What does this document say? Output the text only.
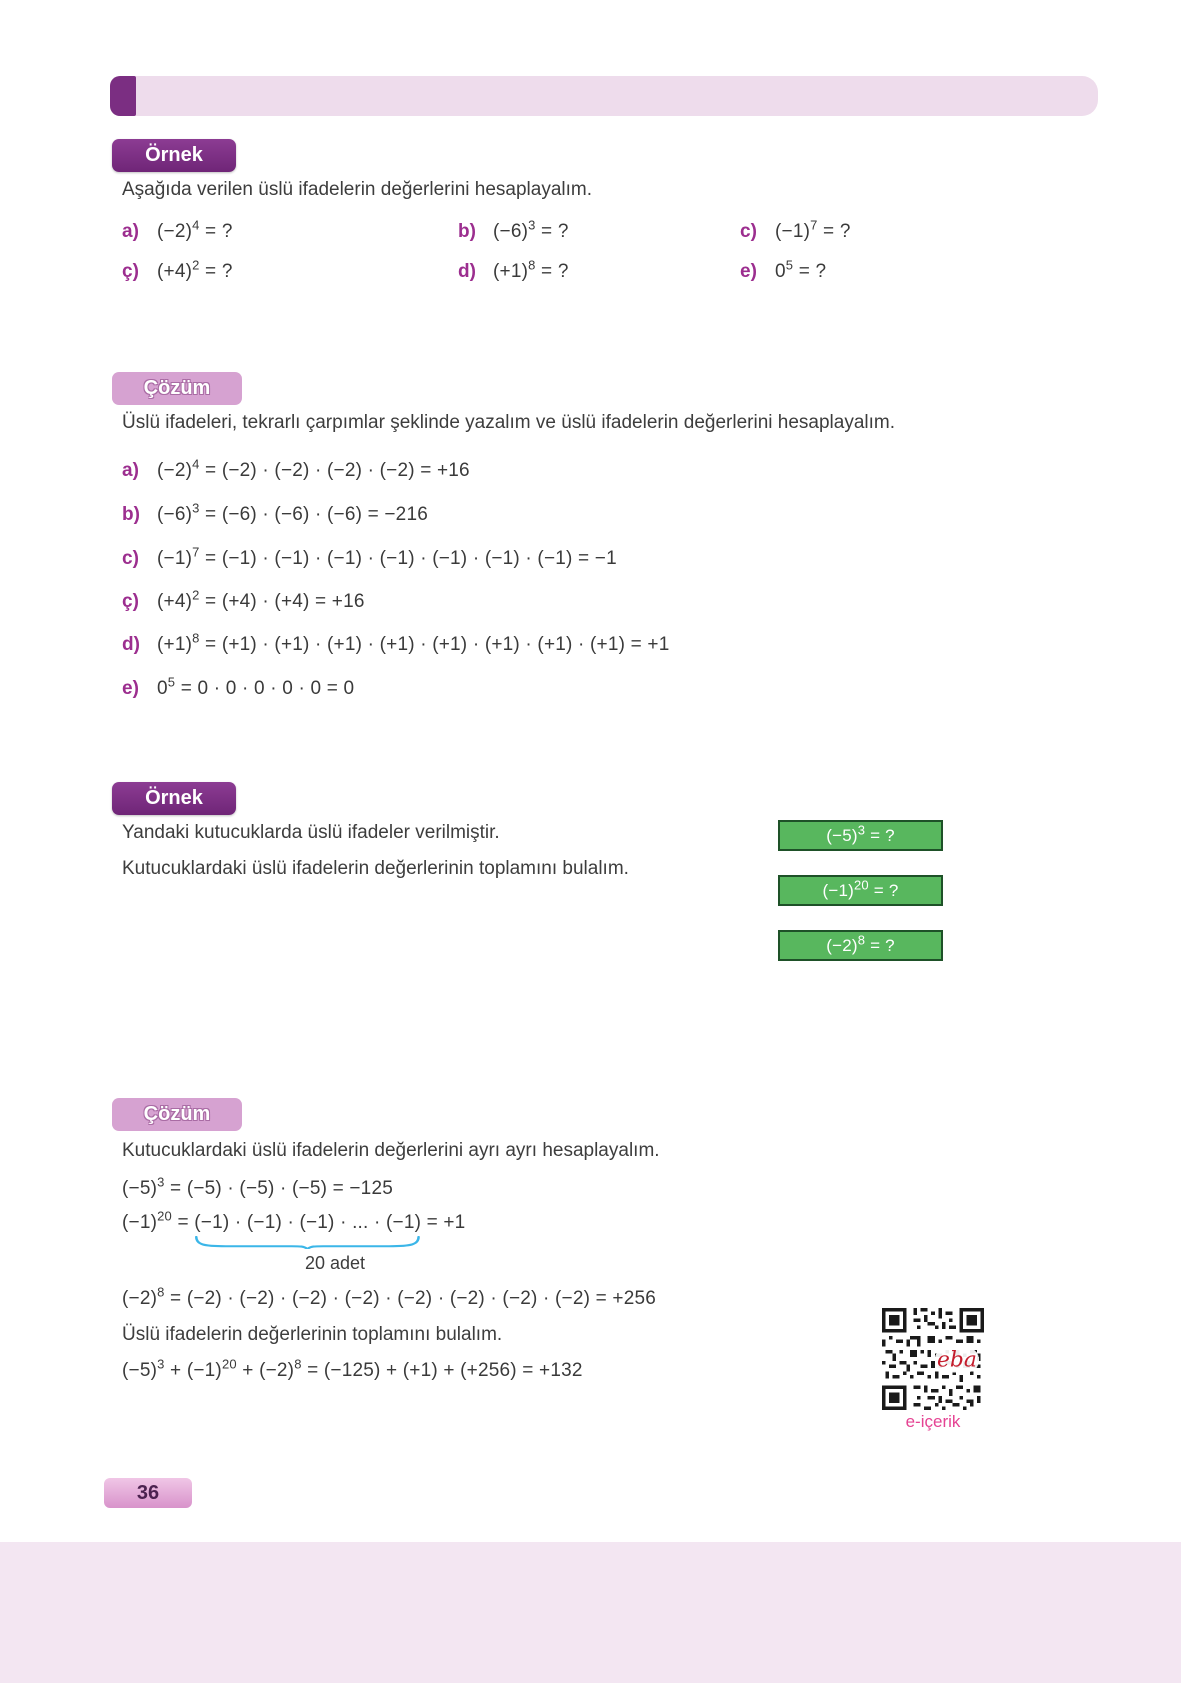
Örnek
Aşağıda verilen üslü ifadelerin değerlerini hesaplayalım.
a) $(-2)^4$ = ?	b) $(-6)^3$ = ?	c) $(-1)^7$ = ?
ç) $(+4)^2$ = ?	d) $(+1)^8$ = ?	e) $0^5$ = ?
Çözüm
Üslü ifadeleri, tekrarlı çarpımlar şeklinde yazalım ve üslü ifadelerin değerlerini hesaplayalım.
a) $(-2)^4 = (-2) \cdot (-2) \cdot (-2) \cdot (-2) = +16$
b) $(-6)^3 = (-6) \cdot (-6) \cdot (-6) = -216$
c) $(-1)^7 = (-1) \cdot (-1) \cdot (-1) \cdot (-1) \cdot (-1) \cdot (-1) \cdot (-1) = -1$
ç) $(+4)^2 = (+4) \cdot (+4) = +16$
d) $(+1)^8 = (+1) \cdot (+1) \cdot (+1) \cdot (+1) \cdot (+1) \cdot (+1) \cdot (+1) \cdot (+1) = +1$
e) $0^5 = 0 \cdot 0 \cdot 0 \cdot 0 \cdot 0 = 0$
Örnek
Yandaki kutucuklarda üslü ifadeler verilmiştir.
Kutucuklardaki üslü ifadelerin değerlerinin toplamını bulalım.
$(-5)^3$ = ?
$(-1)^{20}$ = ?
$(-2)^8$ = ?
Çözüm
Kutucuklardaki üslü ifadelerin değerlerini ayrı ayrı hesaplayalım.
$(-5)^3 = (-5) \cdot (-5) \cdot (-5) = -125$
$(-1)^{20} = (-1) \cdot (-1) \cdot (-1)$ · ... · (−1)
= +1
20 adet
$(-2)^8 = (-2) \cdot (-2) \cdot (-2) \cdot (-2) \cdot (-2) \cdot (-2) \cdot (-2) \cdot (-2) = +256$
Üslü ifadelerin değerlerinin toplamını bulalım.
$(-5)^3 + (-1)^{20} + (-2)^8 = (-125) + (+1) + (+256) = +132$	eba
e-içerik
36
